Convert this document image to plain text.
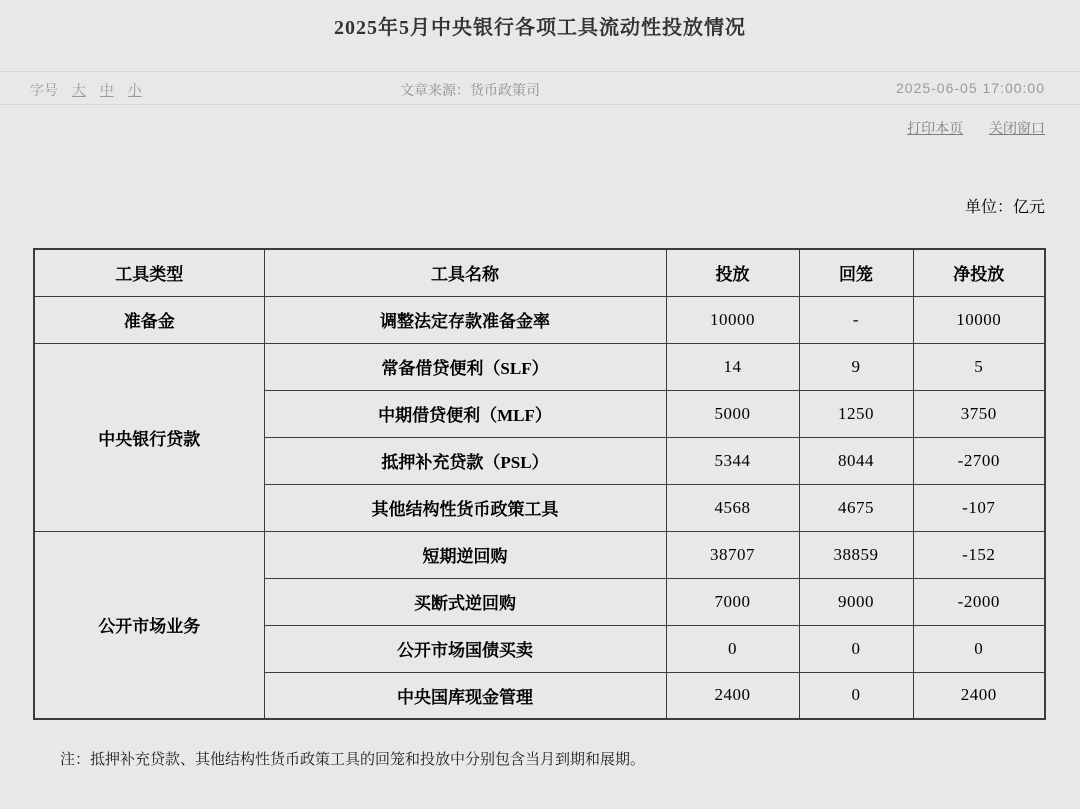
2025年5月中央银行各项工具流动性投放情况
字号 大 中 小	文章来源：货币政策司	2025-06-05 17:00:00
打印本页 关闭窗口
单位：亿元
工具类型	工具名称	投放	回笼	净投放
准备金	调整法定存款准备金率	10000	-	10000
中央银行贷款	常备借贷便利（SLF）	14	9	5
	中期借贷便利（MLF）	5000	1250	3750
	抵押补充贷款（PSL）	5344	8044	-2700
	其他结构性货币政策工具	4568	4675	-107
公开市场业务	短期逆回购	38707	38859	-152
	买断式逆回购	7000	9000	-2000
	公开市场国债买卖	0	0	0
	中央国库现金管理	2400	0	2400
注：抵押补充贷款、其他结构性货币政策工具的回笼和投放中分别包含当月到期和展期。
